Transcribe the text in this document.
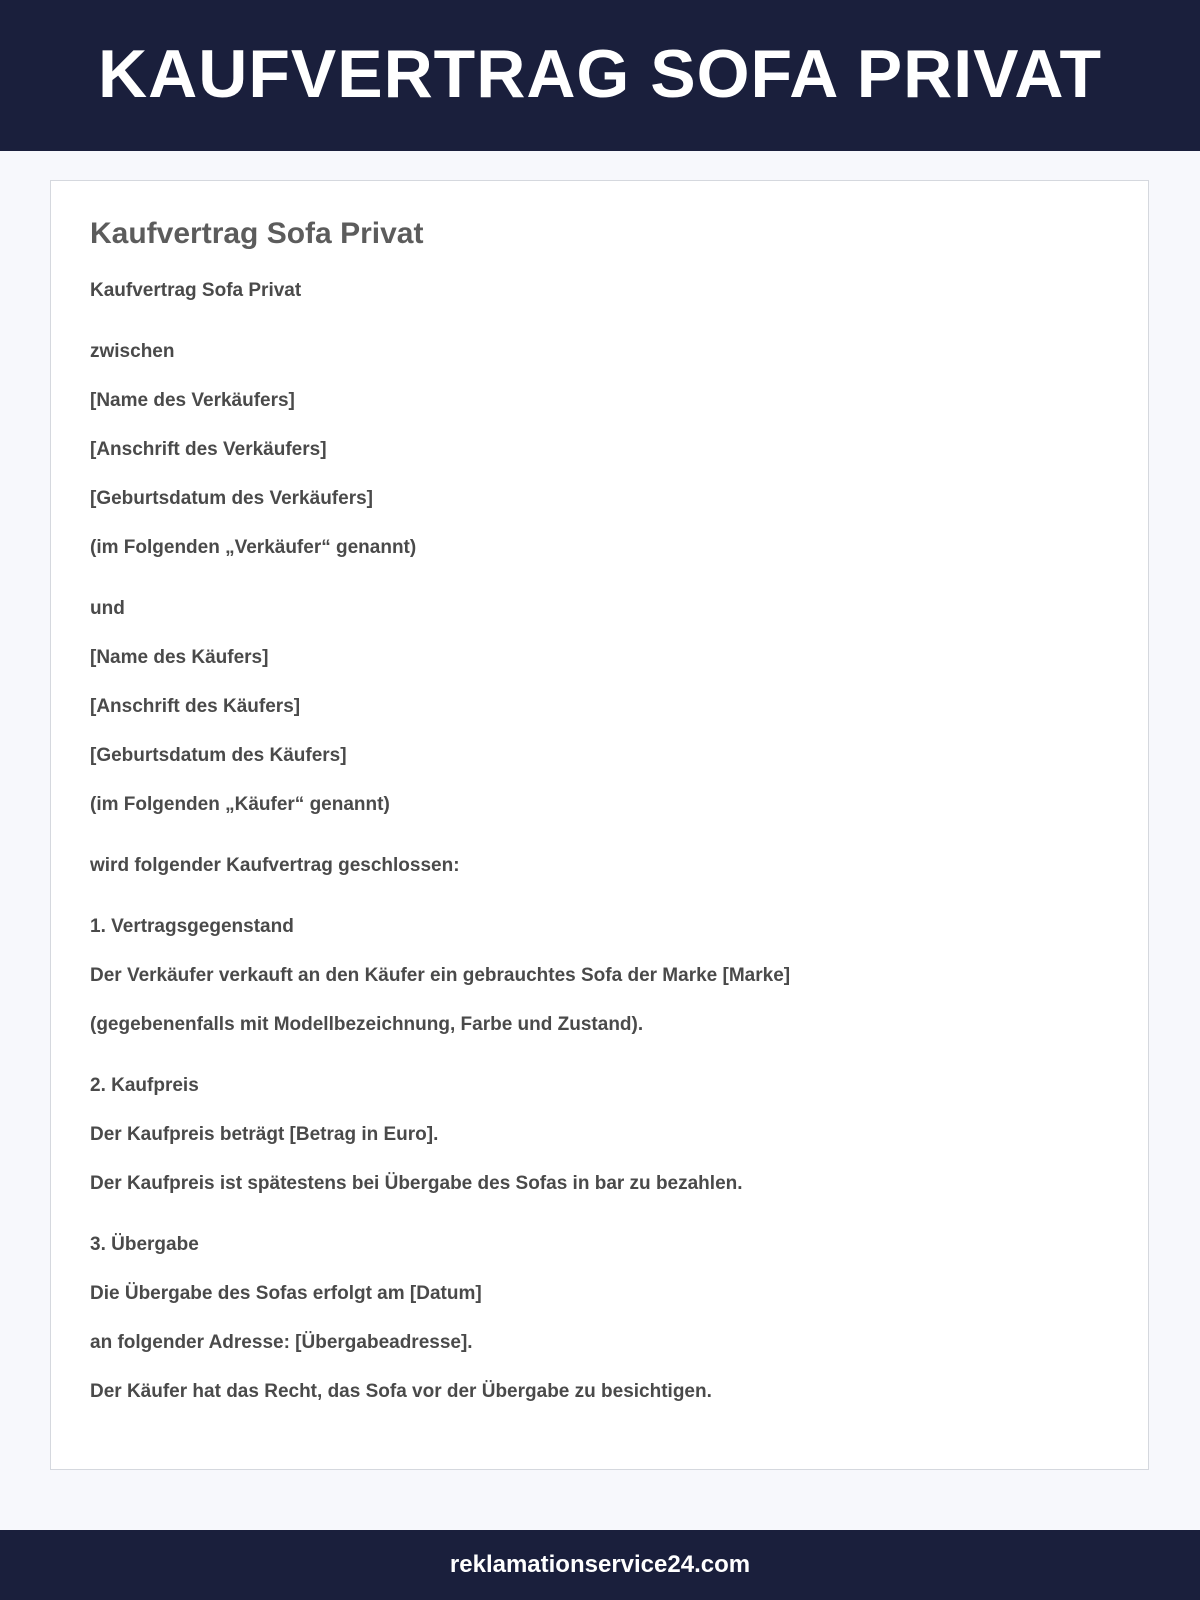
KAUFVERTRAG SOFA PRIVAT
Kaufvertrag Sofa Privat

Kaufvertrag Sofa Privat

zwischen

[Name des Verkäufers]

[Anschrift des Verkäufers]

[Geburtsdatum des Verkäufers]

(im Folgenden „Verkäufer“ genannt)

und

[Name des Käufers]

[Anschrift des Käufers]

[Geburtsdatum des Käufers]

(im Folgenden „Käufer“ genannt)

wird folgender Kaufvertrag geschlossen:

1. Vertragsgegenstand

Der Verkäufer verkauft an den Käufer ein gebrauchtes Sofa der Marke [Marke]

(gegebenenfalls mit Modellbezeichnung, Farbe und Zustand).

2. Kaufpreis

Der Kaufpreis beträgt [Betrag in Euro].

Der Kaufpreis ist spätestens bei Übergabe des Sofas in bar zu bezahlen.

3. Übergabe

Die Übergabe des Sofas erfolgt am [Datum]

an folgender Adresse: [Übergabeadresse].

Der Käufer hat das Recht, das Sofa vor der Übergabe zu besichtigen.

reklamationservice24.com
